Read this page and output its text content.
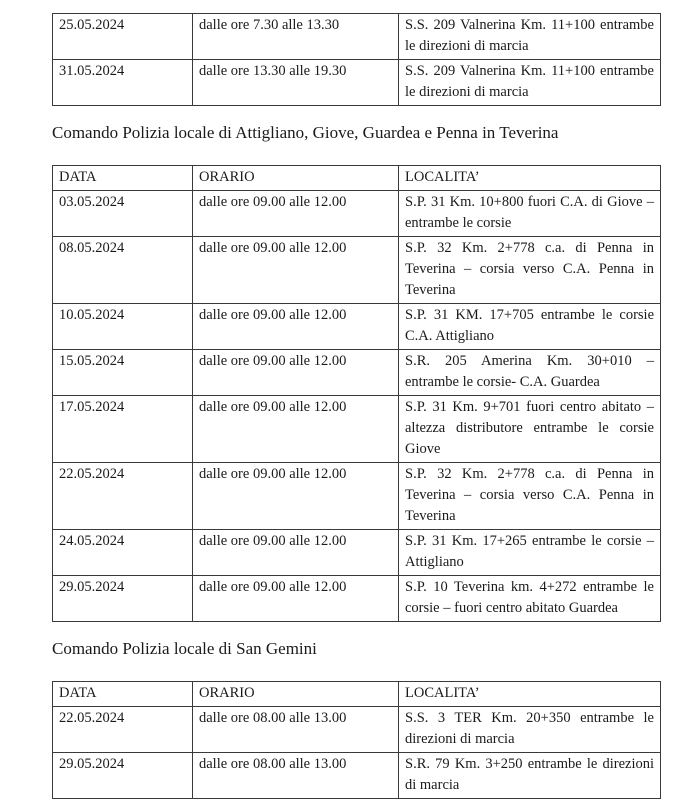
25.05.2024	dalle ore 7.30 alle 13.30	S.S. 209 Valnerina Km. 11+100 entrambe le direzioni di marcia
31.05.2024	dalle ore 13.30 alle 19.30	S.S. 209 Valnerina Km. 11+100 entrambe le direzioni di marcia
Comando Polizia locale di Attigliano, Giove, Guardea e Penna in Teverina
DATA	ORARIO	LOCALITA’
03.05.2024	dalle ore 09.00 alle 12.00	S.P. 31 Km. 10+800 fuori C.A. di Giove – entrambe le corsie
08.05.2024	dalle ore 09.00 alle 12.00	S.P. 32 Km. 2+778 c.a. di Penna in Teverina – corsia verso C.A. Penna in Teverina
10.05.2024	dalle ore 09.00 alle 12.00	S.P. 31 KM. 17+705 entrambe le corsie C.A. Attigliano
15.05.2024	dalle ore 09.00 alle 12.00	S.R. 205 Amerina Km. 30+010 – entrambe le corsie- C.A. Guardea
17.05.2024	dalle ore 09.00 alle 12.00	S.P. 31 Km. 9+701 fuori centro abitato – altezza distributore entrambe le corsie Giove
22.05.2024	dalle ore 09.00 alle 12.00	S.P. 32 Km. 2+778 c.a. di Penna in Teverina – corsia verso C.A. Penna in Teverina
24.05.2024	dalle ore 09.00 alle 12.00	S.P. 31 Km. 17+265 entrambe le corsie – Attigliano
29.05.2024	dalle ore 09.00 alle 12.00	S.P. 10 Teverina km. 4+272 entrambe le corsie – fuori centro abitato Guardea
Comando Polizia locale di San Gemini
DATA	ORARIO	LOCALITA’
22.05.2024	dalle ore 08.00 alle 13.00	S.S. 3 TER Km. 20+350 entrambe le direzioni di marcia
29.05.2024	dalle ore 08.00 alle 13.00	S.R. 79 Km. 3+250 entrambe le direzioni di marcia
